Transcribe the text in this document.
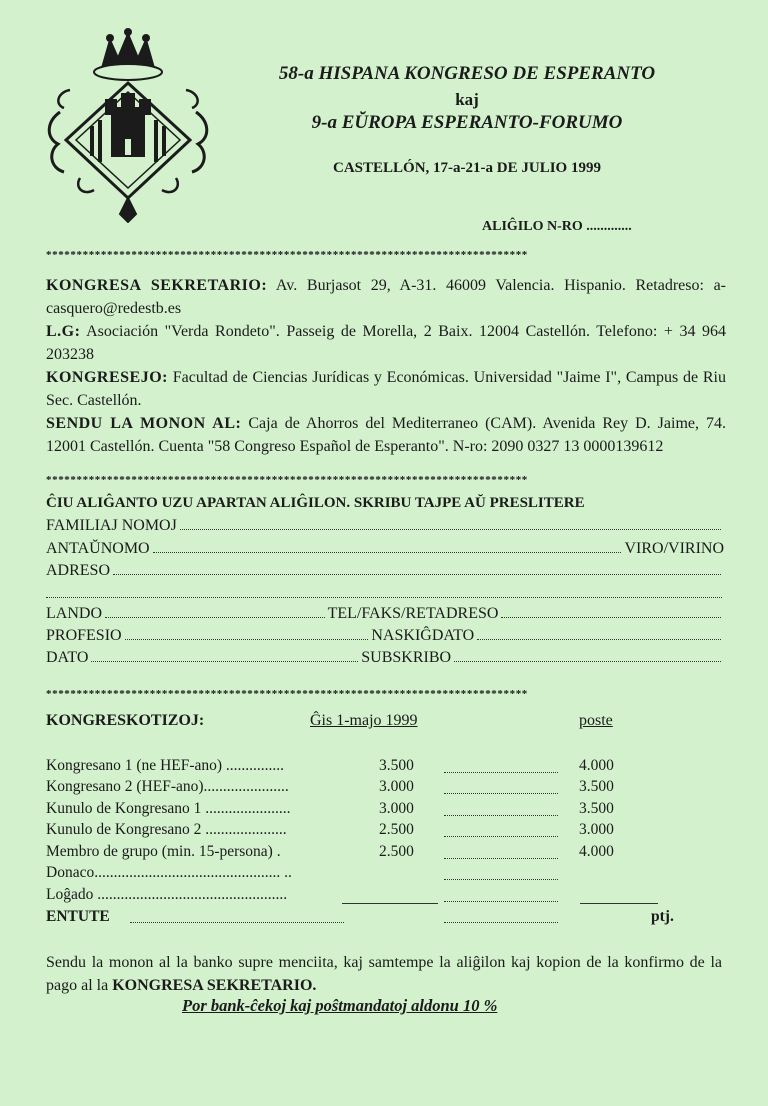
58-a HISPANA KONGRESO DE ESPERANTO
kaj
9-a EŬROPA ESPERANTO-FORUMO
CASTELLÓN, 17-a-21-a DE JULIO 1999
ALIĜILO N-RO .............
*******************************************************************************

KONGRESA SEKRETARIO: Av. Burjasot 29, A-31. 46009 Valencia. Hispanio. Retadreso: a-casquero@redestb.es

L.G: Asociación "Verda Rondeto". Passeig de Morella, 2 Baix. 12004 Castellón. Telefono: + 34 964 203238

KONGRESEJO: Facultad de Ciencias Jurídicas y Económicas. Universidad "Jaime I", Campus de Riu Sec. Castellón.

SENDU LA MONON AL: Caja de Ahorros del Mediterraneo (CAM). Avenida Rey D. Jaime, 74. 12001 Castellón. Cuenta "58 Congreso Español de Esperanto". N-ro: 2090 0327 13 0000139612

*******************************************************************************
ĈIU ALIĜANTO UZU APARTAN ALIĜILON. SKRIBU TAJPE AŬ PRESLITERE
FAMILIAJ NOMOJ
ANTAŬNOMO	VIRO/VIRINO
ADRESO
LANDO	TEL/FAKS/RETADRESO
PROFESIO	NASKIĜDATO
DATO	SUBSKRIBO
*******************************************************************************
KONGRESKOTIZOJ:	Ĝis 1-majo 1999	poste
Kongresano 1 (ne HEF-ano) ...............	3.500	4.000
Kongresano 2 (HEF-ano)......................	3.000	3.500
Kunulo de Kongresano 1 ......................	3.000	3.500
Kunulo de Kongresano 2 .....................	2.500	3.000
Membro de grupo (min. 15-persona) .	2.500	4.000
Donaco................................................ ..
Loĝado .................................................
ENTUTE	ptj.
Sendu la monon al la banko supre menciita, kaj samtempe la aliĝilon kaj kopion de la konfirmo de la pago al la KONGRESA SEKRETARIO.
Por bank-ĉekoj kaj poŝtmandatoj aldonu 10 %
